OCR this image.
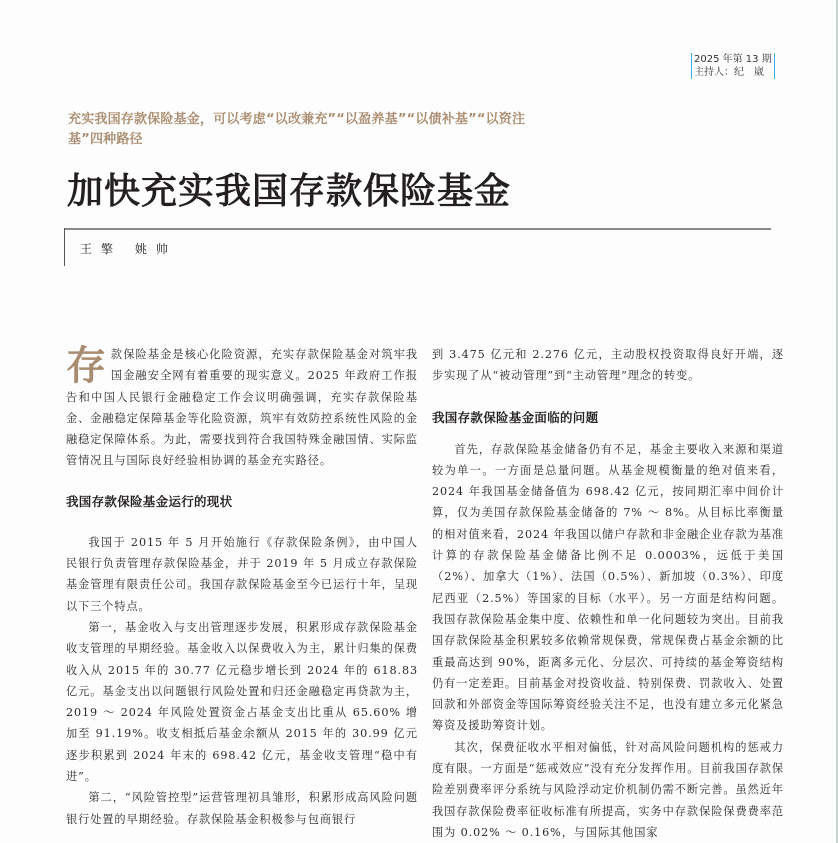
2025 年第 13 期
主持人：纪　崴
充实我国存款保险基金，可以考虑“以改兼充”“以盈养基”“以债补基”“以资注基”四种路径
加快充实我国存款保险基金
王擎 姚帅

存款保险基金是核心化险资源，充实存款保险基金对筑牢我国金融安全网有着重要的现实意义。2025 年政府工作报告和中国人民银行金融稳定工作会议明确强调，充实存款保险基金、金融稳定保障基金等化险资源，筑牢有效防控系统性风险的金融稳定保障体系。为此，需要找到符合我国特殊金融国情、实际监管情况且与国际良好经验相协调的基金充实路径。

我国存款保险基金运行的现状

我国于 2015 年 5 月开始施行《存款保险条例》，由中国人民银行负责管理存款保险基金，并于 2019 年 5 月成立存款保险基金管理有限责任公司。我国存款保险基金至今已运行十年，呈现以下三个特点。

第一，基金收入与支出管理逐步发展，积累形成存款保险基金收支管理的早期经验。基金收入以保费收入为主，累计归集的保费收入从 2015 年的 30.77 亿元稳步增长到 2024 年的 618.83 亿元。基金支出以问题银行风险处置和归还金融稳定再贷款为主，2019 ～ 2024 年风险处置资金占基金支出比重从 65.60% 增加至 91.19%。收支相抵后基金余额从 2015 年的 30.99 亿元逐步积累到 2024 年末的 698.42 亿元，基金收支管理“稳中有进”。

第二，“风险管控型”运营管理初具雏形，积累形成高风险问题银行处置的早期经验。存款保险基金积极参与包商银行

到 3.475 亿元和 2.276 亿元，主动股权投资取得良好开端，逐步实现了从“被动管理”到“主动管理”理念的转变。

我国存款保险基金面临的问题

首先，存款保险基金储备仍有不足，基金主要收入来源和渠道较为单一。一方面是总量问题。从基金规模衡量的绝对值来看，2024 年我国基金储备值为 698.42 亿元，按同期汇率中间价计算，仅为美国存款保险基金储备的 7% ～ 8%。从目标比率衡量的相对值来看，2024 年我国以储户存款和非金融企业存款为基准计算的存款保险基金储备比例不足 0.0003%，远低于美国（2%）、加拿大（1%）、法国（0.5%）、新加坡（0.3%）、印度尼西亚（2.5%）等国家的目标（水平）。另一方面是结构问题。我国存款保险基金集中度、依赖性和单一化问题较为突出。目前我国存款保险基金积累较多依赖常规保费，常规保费占基金余额的比重最高达到 90%，距离多元化、分层次、可持续的基金筹资结构仍有一定差距。目前基金对投资收益、特别保费、罚款收入、处置回款和外部资金等国际筹资经验关注不足，也没有建立多元化紧急筹资及援助筹资计划。

其次，保费征收水平相对偏低，针对高风险问题机构的惩戒力度有限。一方面是“惩戒效应”没有充分发挥作用。目前我国存款保险差别费率评分系统与风险浮动定价机制仍需不断完善。虽然近年我国存款保险费率征收标准有所提高，实务中存款保险保费费率范围为 0.02% ～ 0.16%，与国际其他国家
